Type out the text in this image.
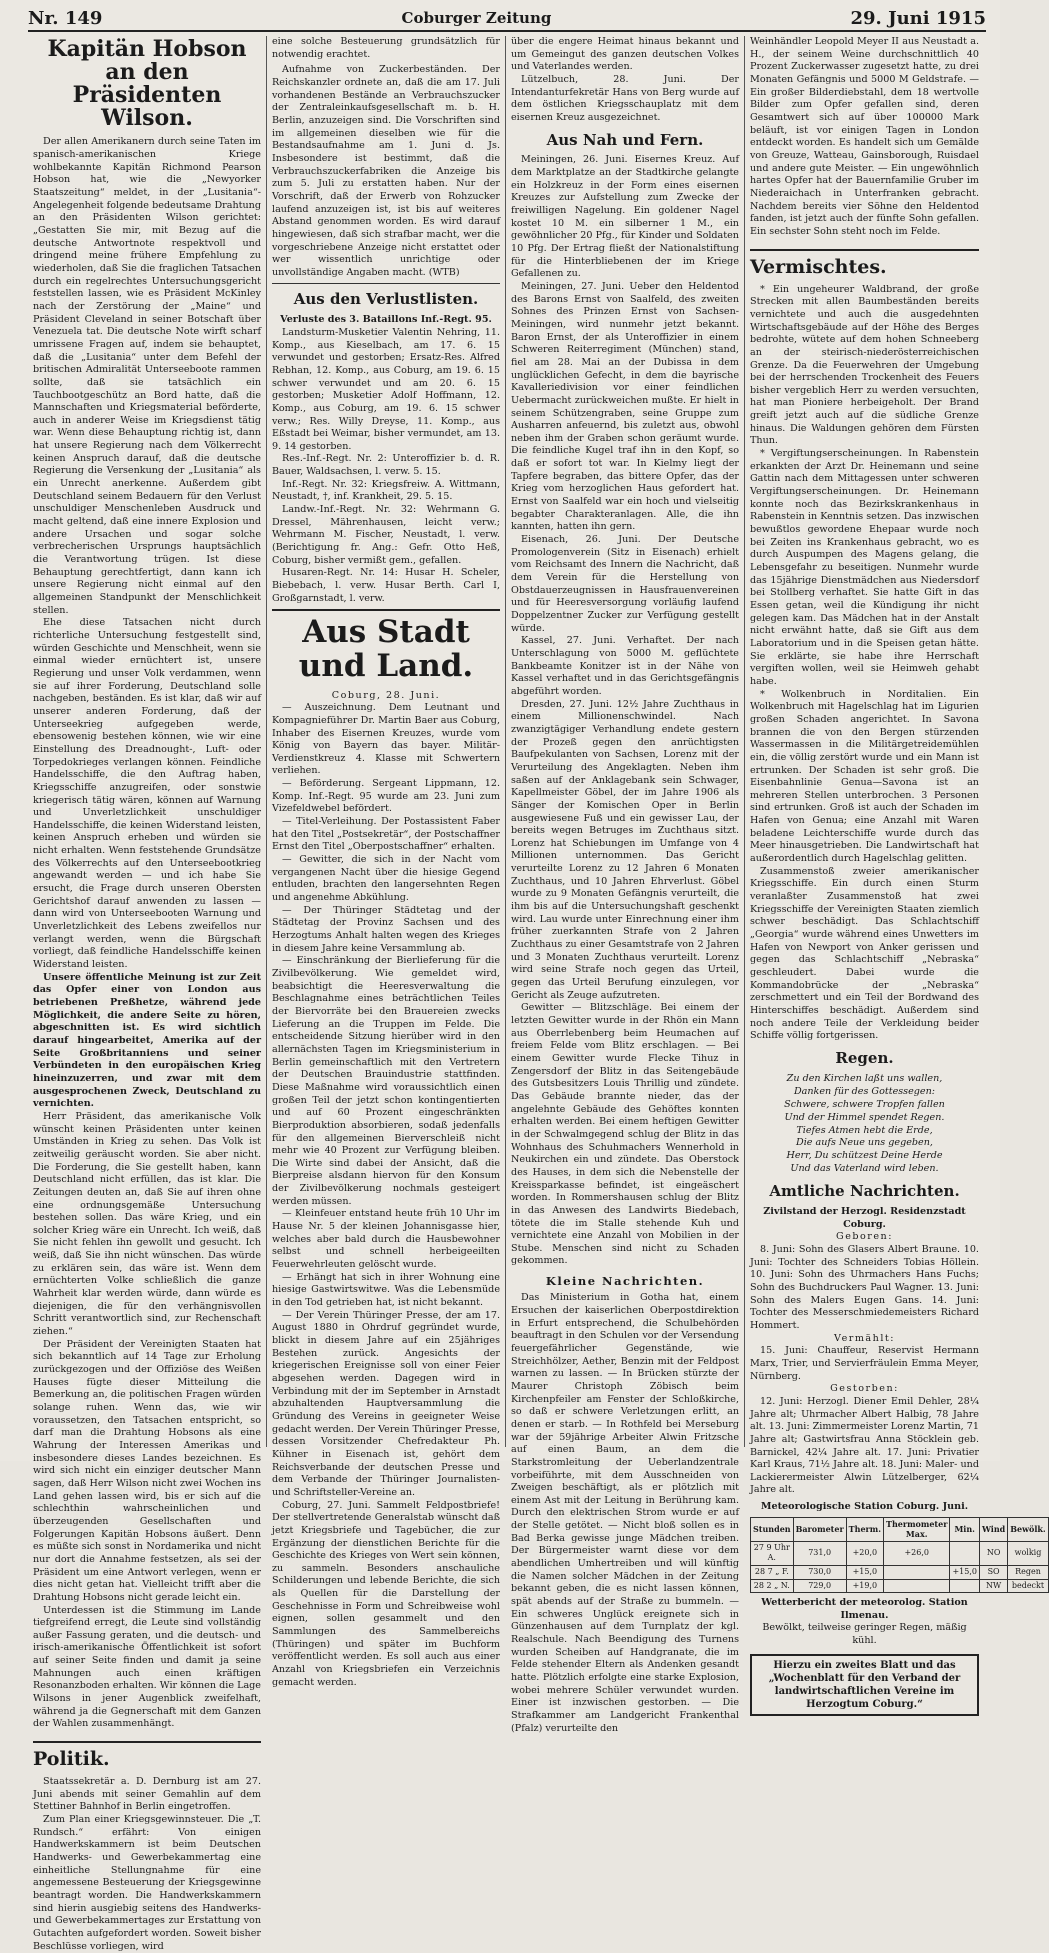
Nr. 149	Coburger Zeitung	29. Juni 1915
Kapitän Hobson an den Präsidenten Wilson.

Der allen Amerikanern durch seine Taten im spanisch-amerikanischen Kriege wohlbekannte Kapitän Richmond Pearson Hobson hat, wie die „Newyorker Staatszeitung“ meldet, in der „Lusitania“-Angelegenheit folgende bedeutsame Drahtung an den Präsidenten Wilson gerichtet: „Gestatten Sie mir, mit Bezug auf die deutsche Antwortnote respektvoll und dringend meine frühere Empfehlung zu wiederholen, daß Sie die fraglichen Tatsachen durch ein regelrechtes Untersuchungsgericht feststellen lassen, wie es Präsident McKinley nach der Zerstörung der „Maine“ und Präsident Cleveland in seiner Botschaft über Venezuela tat. Die deutsche Note wirft scharf umrissene Fragen auf, indem sie behauptet, daß die „Lusitania“ unter dem Befehl der britischen Admiralität Unterseeboote rammen sollte, daß sie tatsächlich ein Tauchbootgeschütz an Bord hatte, daß die Mannschaften und Kriegsmaterial beförderte, auch in anderer Weise im Kriegsdienst tätig war. Wenn diese Behauptung richtig ist, dann hat unsere Regierung nach dem Völkerrecht keinen Anspruch darauf, daß die deutsche Regierung die Versenkung der „Lusitania“ als ein Unrecht anerkenne. Außerdem gibt Deutschland seinem Bedauern für den Verlust unschuldiger Menschenleben Ausdruck und macht geltend, daß eine innere Explosion und andere Ursachen und sogar solche verbrecherischen Ursprungs hauptsächlich die Verantwortung trügen. Ist diese Behauptung gerechtfertigt, dann kann ich unsere Regierung nicht einmal auf den allgemeinen Standpunkt der Menschlichkeit stellen.

Ehe diese Tatsachen nicht durch richterliche Untersuchung festgestellt sind, würden Geschichte und Menschheit, wenn sie einmal wieder ernüchtert ist, unsere Regierung und unser Volk verdammen, wenn sie auf ihrer Forderung, Deutschland solle nachgeben, beständen. Es ist klar, daß wir auf unserer anderen Forderung, daß der Unterseekrieg aufgegeben werde, ebensowenig bestehen können, wie wir eine Einstellung des Dreadnought-, Luft- oder Torpedokrieges verlangen können. Feindliche Handelsschiffe, die den Auftrag haben, Kriegsschiffe anzugreifen, oder sonstwie kriegerisch tätig wären, können auf Warnung und Unverletzlichkeit unschuldiger Handelsschiffe, die keinen Widerstand leisten, keinen Anspruch erheben und würden sie nicht erhalten. Wenn feststehende Grundsätze des Völkerrechts auf den Unterseebootkrieg angewandt werden — und ich habe Sie ersucht, die Frage durch unseren Obersten Gerichtshof darauf anwenden zu lassen — dann wird von Unterseebooten Warnung und Unverletzlichkeit des Lebens zweifellos nur verlangt werden, wenn die Bürgschaft vorliegt, daß feindliche Handelsschiffe keinen Widerstand leisten.

Unsere öffentliche Meinung ist zur Zeit das Opfer einer von London aus betriebenen Preßhetze, während jede Möglichkeit, die andere Seite zu hören, abgeschnitten ist. Es wird sichtlich darauf hingearbeitet, Amerika auf der Seite Großbritanniens und seiner Verbündeten in den europäischen Krieg hineinzuzerren, und zwar mit dem ausgesprochenen Zweck, Deutschland zu vernichten.

Herr Präsident, das amerikanische Volk wünscht keinen Präsidenten unter keinen Umständen in Krieg zu sehen. Das Volk ist zeitweilig geräuscht worden. Sie aber nicht. Die Forderung, die Sie gestellt haben, kann Deutschland nicht erfüllen, das ist klar. Die Zeitungen deuten an, daß Sie auf ihren ohne eine ordnungsgemäße Untersuchung bestehen sollen. Das wäre Krieg, und ein solcher Krieg wäre ein Unrecht. Ich weiß, daß Sie nicht fehlen ihn gewollt und gesucht. Ich weiß, daß Sie ihn nicht wünschen. Das würde zu erklären sein, das wäre ist. Wenn dem ernüchterten Volke schließlich die ganze Wahrheit klar werden würde, dann würde es diejenigen, die für den verhängnisvollen Schritt verantwortlich sind, zur Rechenschaft ziehen.“

Der Präsident der Vereinigten Staaten hat sich bekanntlich auf 14 Tage zur Erholung zurückgezogen und der Offiziöse des Weißen Hauses fügte dieser Mitteilung die Bemerkung an, die politischen Fragen würden solange ruhen. Wenn das, wie wir voraussetzen, den Tatsachen entspricht, so darf man die Drahtung Hobsons als eine Wahrung der Interessen Amerikas und insbesondere dieses Landes bezeichnen. Es wird sich nicht ein einziger deutscher Mann sagen, daß Herr Wilson nicht zwei Wochen ins Land gehen lassen wird, bis er sich auf die schlechthin wahrscheinlichen und überzeugenden Gesellschaften und Folgerungen Kapitän Hobsons äußert. Denn es müßte sich sonst in Nordamerika und nicht nur dort die Annahme festsetzen, als sei der Präsident um eine Antwort verlegen, wenn er dies nicht getan hat. Vielleicht trifft aber die Drahtung Hobsons nicht gerade leicht ein.

Unterdessen ist die Stimmung im Lande tiefgreifend erregt, die Leute sind vollständig außer Fassung geraten, und die deutsch- und irisch-amerikanische Öffentlichkeit ist sofort auf seiner Seite finden und damit ja seine Mahnungen auch einen kräftigen Resonanzboden erhalten. Wir können die Lage Wilsons in jener Augenblick zweifelhaft, während ja die Gegnerschaft mit dem Ganzen der Wahlen zusammenhängt.

Politik.

Staatssekretär a. D. Dernburg ist am 27. Juni abends mit seiner Gemahlin auf dem Stettiner Bahnhof in Berlin eingetroffen.

Zum Plan einer Kriegsgewinnsteuer. Die „T. Rundsch.“ erfährt: Von einigen Handwerkskammern ist beim Deutschen Handwerks- und Gewerbekammertag eine einheitliche Stellungnahme für eine angemessene Besteuerung der Kriegsgewinne beantragt worden. Die Handwerkskammern sind hierin ausgiebig seitens des Handwerks- und Gewerbekammertages zur Erstattung von Gutachten aufgefordert worden. Soweit bisher Beschlüsse vorliegen, wird

eine solche Besteuerung grundsätzlich für notwendig erachtet.

Aufnahme von Zuckerbeständen. Der Reichskanzler ordnete an, daß die am 17. Juli vorhandenen Bestände an Verbrauchszucker der Zentraleinkaufsgesellschaft m. b. H. Berlin, anzuzeigen sind. Die Vorschriften sind im allgemeinen dieselben wie für die Bestandsaufnahme am 1. Juni d. Js. Insbesondere ist bestimmt, daß die Verbrauchszuckerfabriken die Anzeige bis zum 5. Juli zu erstatten haben. Nur der Vorschrift, daß der Erwerb von Rohzucker laufend anzuzeigen ist, ist bis auf weiteres Abstand genommen worden. Es wird darauf hingewiesen, daß sich strafbar macht, wer die vorgeschriebene Anzeige nicht erstattet oder wer wissentlich unrichtige oder unvollständige Angaben macht. (WTB)

Aus den Verlustlisten.
Verluste des 3. Bataillons Inf.-Regt. 95.

Landsturm-Musketier Valentin Nehring, 11. Komp., aus Kieselbach, am 17. 6. 15 verwundet und gestorben; Ersatz-Res. Alfred Rebhan, 12. Komp., aus Coburg, am 19. 6. 15 schwer verwundet und am 20. 6. 15 gestorben; Musketier Adolf Hoffmann, 12. Komp., aus Coburg, am 19. 6. 15 schwer verw.; Res. Willy Dreyse, 11. Komp., aus Eßstadt bei Weimar, bisher vermundet, am 13. 9. 14 gestorben.

Res.-Inf.-Regt. Nr. 2: Unteroffizier b. d. R. Bauer, Waldsachsen, l. verw. 5. 15.

Inf.-Regt. Nr. 32: Kriegsfreiw. A. Wittmann, Neustadt, †, inf. Krankheit, 29. 5. 15.

Landw.-Inf.-Regt. Nr. 32: Wehrmann G. Dressel, Mährenhausen, leicht verw.; Wehrmann M. Fischer, Neustadt, l. verw. (Berichtigung fr. Ang.: Gefr. Otto Heß, Coburg, bisher vermißt gem., gefallen.

Husaren-Regt. Nr. 14: Husar H. Scheler, Biebebach, l. verw. Husar Berth. Carl I, Großgarnstadt, l. verw.

Aus Stadt und Land.
Coburg, 28. Juni.

— Auszeichnung. Dem Leutnant und Kompagnieführer Dr. Martin Baer aus Coburg, Inhaber des Eisernen Kreuzes, wurde vom König von Bayern das bayer. Militär-Verdienstkreuz 4. Klasse mit Schwertern verliehen.

— Beförderung. Sergeant Lippmann, 12. Komp. Inf.-Regt. 95 wurde am 23. Juni zum Vizefeldwebel befördert.

— Titel-Verleihung. Der Postassistent Faber hat den Titel „Postsekretär“, der Postschaffner Ernst den Titel „Oberpostschaffner“ erhalten.

— Gewitter, die sich in der Nacht vom vergangenen Nacht über die hiesige Gegend entluden, brachten den langersehnten Regen und angenehme Abkühlung.

— Der Thüringer Städtetag und der Städtetag der Provinz Sachsen und des Herzogtums Anhalt halten wegen des Krieges in diesem Jahre keine Versammlung ab.

— Einschränkung der Bierlieferung für die Zivilbevölkerung. Wie gemeldet wird, beabsichtigt die Heeresverwaltung die Beschlagnahme eines beträchtlichen Teiles der Biervorräte bei den Brauereien zwecks Lieferung an die Truppen im Felde. Die entscheidende Sitzung hierüber wird in den allernächsten Tagen im Kriegsministerium in Berlin gemeinschaftlich mit den Vertretern der Deutschen Brauindustrie stattfinden. Diese Maßnahme wird voraussichtlich einen großen Teil der jetzt schon kontingentierten und auf 60 Prozent eingeschränkten Bierproduktion absorbieren, sodaß jedenfalls für den allgemeinen Bierverschleiß nicht mehr wie 40 Prozent zur Verfügung bleiben. Die Wirte sind dabei der Ansicht, daß die Bierpreise alsdann hiervon für den Konsum der Zivilbevölkerung nochmals gesteigert werden müssen.

— Kleinfeuer entstand heute früh 10 Uhr im Hause Nr. 5 der kleinen Johannisgasse hier, welches aber bald durch die Hausbewohner selbst und schnell herbeigeeilten Feuerwehrleuten gelöscht wurde.

— Erhängt hat sich in ihrer Wohnung eine hiesige Gastwirtswitwe. Was die Lebensmüde in den Tod getrieben hat, ist nicht bekannt.

— Der Verein Thüringer Presse, der am 17. August 1880 in Ohrdruf gegründet wurde, blickt in diesem Jahre auf ein 25jähriges Bestehen zurück. Angesichts der kriegerischen Ereignisse soll von einer Feier abgesehen werden. Dagegen wird in Verbindung mit der im September in Arnstadt abzuhaltenden Hauptversammlung die Gründung des Vereins in geeigneter Weise gedacht werden. Der Verein Thüringer Presse, dessen Vorsitzender Chefredakteur Ph. Kühner in Eisenach ist, gehört dem Reichsverbande der deutschen Presse und dem Verbande der Thüringer Journalisten- und Schriftsteller-Vereine an.

Coburg, 27. Juni. Sammelt Feldpostbriefe! Der stellvertretende Generalstab wünscht daß jetzt Kriegsbriefe und Tagebücher, die zur Ergänzung der dienstlichen Berichte für die Geschichte des Krieges von Wert sein können, zu sammeln. Besonders anschauliche Schilderungen und lebende Berichte, die sich als Quellen für die Darstellung der Geschehnisse in Form und Schreibweise wohl eignen, sollen gesammelt und den Sammlungen des Sammelbereichs (Thüringen) und später im Buchform veröffentlicht werden. Es soll auch aus einer Anzahl von Kriegsbriefen ein Verzeichnis gemacht werden.

über die engere Heimat hinaus bekannt und um Gemeingut des ganzen deutschen Volkes und Vaterlandes werden.

Lützelbuch, 28. Juni. Der Intendanturfekretär Hans von Berg wurde auf dem östlichen Kriegsschauplatz mit dem eisernen Kreuz ausgezeichnet.

Aus Nah und Fern.

Meiningen, 26. Juni. Eisernes Kreuz. Auf dem Marktplatze an der Stadtkirche gelangte ein Holzkreuz in der Form eines eisernen Kreuzes zur Aufstellung zum Zwecke der freiwilligen Nagelung. Ein goldener Nagel kostet 10 M. ein silberner 1 M., ein gewöhnlicher 20 Pfg., für Kinder und Soldaten 10 Pfg. Der Ertrag fließt der Nationalstiftung für die Hinterbliebenen der im Kriege Gefallenen zu.

Meiningen, 27. Juni. Ueber den Heldentod des Barons Ernst von Saalfeld, des zweiten Sohnes des Prinzen Ernst von Sachsen-Meiningen, wird nunmehr jetzt bekannt. Baron Ernst, der als Unteroffizier in einem Schweren Reiterregiment (München) stand, fiel am 28. Mai an der Dubissa in dem unglücklichen Gefecht, in dem die bayrische Kavalleriedivision vor einer feindlichen Uebermacht zurückweichen mußte. Er hielt in seinem Schützengraben, seine Gruppe zum Ausharren anfeuernd, bis zuletzt aus, obwohl neben ihm der Graben schon geräumt wurde. Die feindliche Kugel traf ihn in den Kopf, so daß er sofort tot war. In Kielmy liegt der Tapfere begraben, das bittere Opfer, das der Krieg vom herzoglichen Haus gefordert hat. Ernst von Saalfeld war ein hoch und vielseitig begabter Charakteranlagen. Alle, die ihn kannten, hatten ihn gern.

Eisenach, 26. Juni. Der Deutsche Promologenverein (Sitz in Eisenach) erhielt vom Reichsamt des Innern die Nachricht, daß dem Verein für die Herstellung von Obstdauerzeugnissen in Hausfrauenvereinen und für Heeresversorgung vorläufig laufend Doppelzentner Zucker zur Verfügung gestellt würde.

Kassel, 27. Juni. Verhaftet. Der nach Unterschlagung von 5000 M. geflüchtete Bankbeamte Konitzer ist in der Nähe von Kassel verhaftet und in das Gerichtsgefängnis abgeführt worden.

Dresden, 27. Juni. 12½ Jahre Zuchthaus in einem Millionenschwindel. Nach zwanzigtägiger Verhandlung endete gestern der Prozeß gegen den anrüchtigsten Baufpekulanten von Sachsen, Lorenz mit der Verurteilung des Angeklagten. Neben ihm saßen auf der Anklagebank sein Schwager, Kapellmeister Göbel, der im Jahre 1906 als Sänger der Komischen Oper in Berlin ausgewiesene Fuß und ein gewisser Lau, der bereits wegen Betruges im Zuchthaus sitzt. Lorenz hat Schiebungen im Umfange von 4 Millionen unternommen. Das Gericht verurteilte Lorenz zu 12 Jahren 6 Monaten Zuchthaus, und 10 Jahren Ehrverlust. Göbel wurde zu 9 Monaten Gefängnis verurteilt, die ihm bis auf die Untersuchungshaft geschenkt wird. Lau wurde unter Einrechnung einer ihm früher zuerkannten Strafe von 2 Jahren Zuchthaus zu einer Gesamtstrafe von 2 Jahren und 3 Monaten Zuchthaus verurteilt. Lorenz wird seine Strafe noch gegen das Urteil, gegen das Urteil Berufung einzulegen, vor Gericht als Zeuge aufzutreten.

Gewitter — Blitzschläge. Bei einem der letzten Gewitter wurde in der Rhön ein Mann aus Oberrlebenberg beim Heumachen auf freiem Felde vom Blitz erschlagen. — Bei einem Gewitter wurde Flecke Tihuz in Zengersdorf der Blitz in das Seitengebäude des Gutsbesitzers Louis Thrillig und zündete. Das Gebäude brannte nieder, das der angelehnte Gebäude des Gehöftes konnten erhalten werden. Bei einem heftigen Gewitter in der Schwalmgegend schlug der Blitz in das Wohnhaus des Schuhmachers Wennerhold in Neukirchen ein und zündete. Das Oberstock des Hauses, in dem sich die Nebenstelle der Kreissparkasse befindet, ist eingeäschert worden. In Rommershausen schlug der Blitz in das Anwesen des Landwirts Biedebach, tötete die im Stalle stehende Kuh und vernichtete eine Anzahl von Mobilien in der Stube. Menschen sind nicht zu Schaden gekommen.

Kleine Nachrichten.

Das Ministerium in Gotha hat, einem Ersuchen der kaiserlichen Oberpostdirektion in Erfurt entsprechend, die Schulbehörden beauftragt in den Schulen vor der Versendung feuergefährlicher Gegenstände, wie Streichhölzer, Aether, Benzin mit der Feldpost warnen zu lassen. — In Brücken stürzte der Maurer Christoph Zöbisch beim Kirchenpfeiler am Fenster der Schloßkirche, so daß er schwere Verletzungen erlitt, an denen er starb. — In Rothfeld bei Merseburg war der 59jährige Arbeiter Alwin Fritzsche auf einen Baum, an dem die Starkstromleitung der Ueberlandzentrale vorbeiführte, mit dem Ausschneiden von Zweigen beschäftigt, als er plötzlich mit einem Ast mit der Leitung in Berührung kam. Durch den elektrischen Strom wurde er auf der Stelle getötet. — Nicht bloß sollen es in Bad Berka gewisse junge Mädchen treiben. Der Bürgermeister warnt diese vor dem abendlichen Umhertreiben und will künftig die Namen solcher Mädchen in der Zeitung bekannt geben, die es nicht lassen können, spät abends auf der Straße zu bummeln. — Ein schweres Unglück ereignete sich in Günzenhausen auf dem Turnplatz der kgl. Realschule. Nach Beendigung des Turnens wurden Scheiben auf Handgranate, die im Felde stehender Eltern als Andenken gesandt hatte. Plötzlich erfolgte eine starke Explosion, wobei mehrere Schüler verwundet wurden. Einer ist inzwischen gestorben. — Die Strafkammer am Landgericht Frankenthal (Pfalz) verurteilte den

Weinhändler Leopold Meyer II aus Neustadt a. H., der seinem Weine durchschnittlich 40 Prozent Zuckerwasser zugesetzt hatte, zu drei Monaten Gefängnis und 5000 M Geldstrafe. — Ein großer Bilderdiebstahl, dem 18 wertvolle Bilder zum Opfer gefallen sind, deren Gesamtwert sich auf über 100000 Mark beläuft, ist vor einigen Tagen in London entdeckt worden. Es handelt sich um Gemälde von Greuze, Watteau, Gainsborough, Ruisdael und andere gute Meister. — Ein ungewöhnlich hartes Opfer hat der Bauernfamilie Gruber im Niederaichach in Unterfranken gebracht. Nachdem bereits vier Söhne den Heldentod fanden, ist jetzt auch der fünfte Sohn gefallen. Ein sechster Sohn steht noch im Felde.

Vermischtes.

* Ein ungeheurer Waldbrand, der große Strecken mit allen Baumbeständen bereits vernichtete und auch die ausgedehnten Wirtschaftsgebäude auf der Höhe des Berges bedrohte, wütete auf dem hohen Schneeberg an der steirisch-niederösterreichischen Grenze. Da die Feuerwehren der Umgebung bei der herrschenden Trockenheit des Feuers bisher vergeblich Herr zu werden versuchten, hat man Pioniere herbeigeholt. Der Brand greift jetzt auch auf die südliche Grenze hinaus. Die Waldungen gehören dem Fürsten Thun.

* Vergiftungserscheinungen. In Rabenstein erkankten der Arzt Dr. Heinemann und seine Gattin nach dem Mittagessen unter schweren Vergiftungserscheinungen. Dr. Heinemann konnte noch das Bezirkskrankenhaus in Rabenstein in Kenntnis setzen. Das inzwischen bewußtlos gewordene Ehepaar wurde noch bei Zeiten ins Krankenhaus gebracht, wo es durch Auspumpen des Magens gelang, die Lebensgefahr zu beseitigen. Nunmehr wurde das 15jährige Dienstmädchen aus Niedersdorf bei Stollberg verhaftet. Sie hatte Gift in das Essen getan, weil die Kündigung ihr nicht gelegen kam. Das Mädchen hat in der Anstalt nicht erwähnt hatte, daß sie Gift aus dem Laboratorium und in die Speisen getan hätte. Sie erklärte, sie habe ihre Herrschaft vergiften wollen, weil sie Heimweh gehabt habe.

* Wolkenbruch in Norditalien. Ein Wolkenbruch mit Hagelschlag hat im Ligurien großen Schaden angerichtet. In Savona brannen die von den Bergen stürzenden Wassermassen in die Militärgetreidemühlen ein, die völlig zerstört wurde und ein Mann ist ertrunken. Der Schaden ist sehr groß. Die Eisenbahnlinie Genua—Savona ist an mehreren Stellen unterbrochen. 3 Personen sind ertrunken. Groß ist auch der Schaden im Hafen von Genua; eine Anzahl mit Waren beladene Leichterschiffe wurde durch das Meer hinausgetrieben. Die Landwirtschaft hat außerordentlich durch Hagelschlag gelitten.

Zusammenstoß zweier amerikanischer Kriegsschiffe. Ein durch einen Sturm veranlaßter Zusammenstoß hat zwei Kriegsschiffe der Vereinigten Staaten ziemlich schwer beschädigt. Das Schlachtschiff „Georgia“ wurde während eines Unwetters im Hafen von Newport von Anker gerissen und gegen das Schlachtschiff „Nebraska“ geschleudert. Dabei wurde die Kommandobrücke der „Nebraska“ zerschmettert und ein Teil der Bordwand des Hinterschiffes beschädigt. Außerdem sind noch andere Teile der Verkleidung beider Schiffe völlig fortgerissen.

Regen.
Zu den Kirchen laßt uns wallen,
Danken für des Gottessegen:
Schwere, schwere Tropfen fallen
Und der Himmel spendet Regen.
Tiefes Atmen hebt die Erde,
Die aufs Neue uns gegeben,
Herr, Du schützest Deine Herde
Und das Vaterland wird leben.
Amtliche Nachrichten.
Zivilstand der Herzogl. Residenzstadt Coburg.
Geboren:

8. Juni: Sohn des Glasers Albert Braune. 10. Juni: Tochter des Schneiders Tobias Höllein. 10. Juni: Sohn des Uhrmachers Hans Fuchs; Sohn des Buchdruckers Paul Wagner. 13. Juni: Sohn des Malers Eugen Gans. 14. Juni: Tochter des Messerschmiedemeisters Richard Hommert.

Vermählt:

15. Juni: Chauffeur, Reservist Hermann Marx, Trier, und Servierfräulein Emma Meyer, Nürnberg.

Gestorben:

12. Juni: Herzogl. Diener Emil Dehler, 28¼ Jahre alt; Uhrmacher Albert Halbig, 78 Jahre alt. 13. Juni: Zimmermeister Lorenz Martin, 71 Jahre alt; Gastwirtsfrau Anna Stöcklein geb. Barnickel, 42¼ Jahre alt. 17. Juni: Privatier Karl Kraus, 71½ Jahre alt. 18. Juni: Maler- und Lackierermeister Alwin Lützelberger, 62¼ Jahre alt.

Meteorologische Station Coburg. Juni.
Stunden	Barometer	Therm.	Thermometer Max.	Min.	Wind	Bewölk.
27 9 Uhr A.	731,0	+20,0	+26,0		NO	wolkig
28 7 „ F.	730,0	+15,0		+15,0	SO	Regen
28 2 „ N.	729,0	+19,0			NW	bedeckt
Wetterbericht der meteorolog. Station Ilmenau.
Bewölkt, teilweise geringer Regen, mäßig kühl.
Hierzu ein zweites Blatt und das „Wochenblatt für den Verband der landwirtschaftlichen Vereine im Herzogtum Coburg.“
